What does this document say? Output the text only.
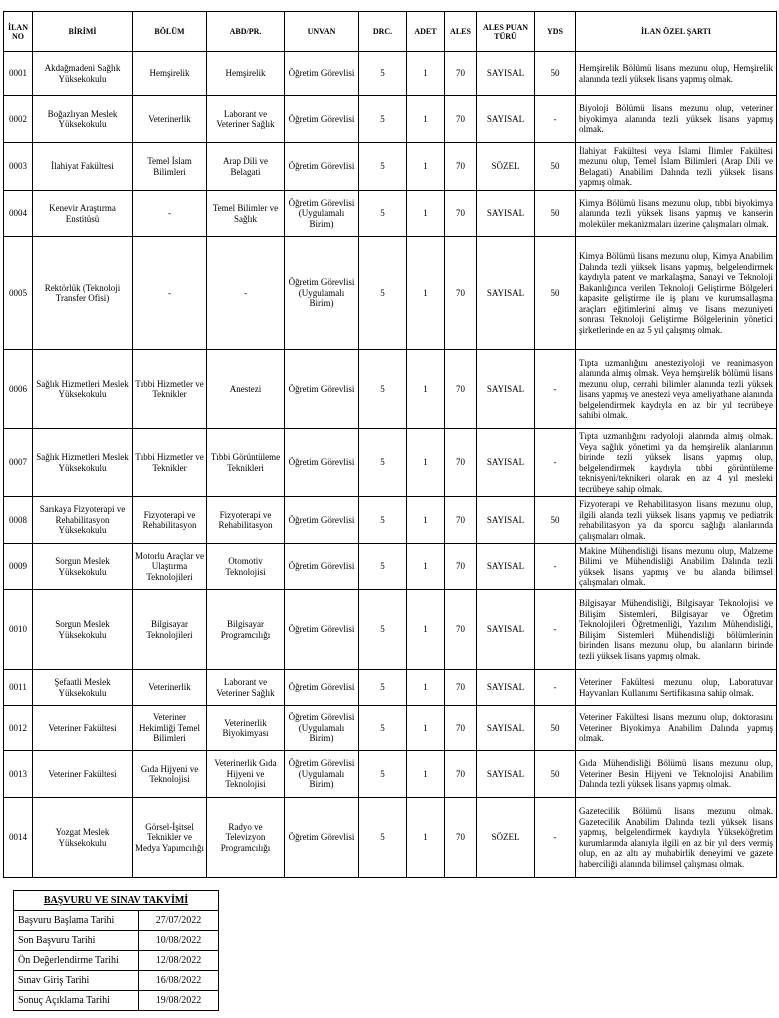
İLAN NO	BİRİMİ	BÖLÜM	ABD/PR.	UNVAN	DRC.	ADET	ALES	ALES PUAN TÜRÜ	YDS	İLAN ÖZEL ŞARTI
0001	Akdağmadeni Sağlık Yüksekokulu	Hemşirelik	Hemşirelik	Öğretim Görevlisi	5	1	70	SAYISAL	50	Hemşirelik Bölümü lisans mezunu olup, Hemşirelik alanında tezli yüksek lisans yapmış olmak.
0002	Boğazlıyan Meslek Yüksekokulu	Veterinerlik	Laborant ve Veteriner Sağlık	Öğretim Görevlisi	5	1	70	SAYISAL	-	Biyoloji Bölümü lisans mezunu olup, veteriner biyokimya alanında tezli yüksek lisans yapmış olmak.
0003	İlahiyat Fakültesi	Temel İslam Bilimleri	Arap Dili ve Belagati	Öğretim Görevlisi	5	1	70	SÖZEL	50	İlahiyat Fakültesi veya İslami İlimler Fakültesi mezunu olup, Temel İslam Bilimleri (Arap Dili ve Belagati) Anabilim Dalında tezli yüksek lisans yapmış olmak.
0004	Kenevir Araştırma Enstitüsü	-	Temel Bilimler ve Sağlık	Öğretim Görevlisi (Uygulamalı Birim)	5	1	70	SAYISAL	50	Kimya Bölümü lisans mezunu olup, tıbbi biyokimya alanında tezli yüksek lisans yapmış ve kanserin moleküler mekanizmaları üzerine çalışmaları olmak.
0005	Rektörlük (Teknoloji Transfer Ofisi)	-	-	Öğretim Görevlisi (Uygulamalı Birim)	5	1	70	SAYISAL	50	Kimya Bölümü lisans mezunu olup, Kimya Anabilim Dalında tezli yüksek lisans yapmış, belgelendirmek kaydıyla patent ve markalaşma, Sanayi ve Teknoloji Bakanlığınca verilen Teknoloji Geliştirme Bölgeleri kapasite geliştirme ile iş planı ve kurumsallaşma araçları eğitimlerini almış ve lisans mezuniyeti sonrası Teknoloji Geliştirme Bölgelerinin yönetici şirketlerinde en az 5 yıl çalışmış olmak.
0006	Sağlık Hizmetleri Meslek Yüksekokulu	Tıbbi Hizmetler ve Teknikler	Anestezi	Öğretim Görevlisi	5	1	70	SAYISAL	-	Tıpta uzmanlığını anesteziyoloji ve reanimasyon alanında almış olmak. Veya hemşirelik bölümü lisans mezunu olup, cerrahi bilimler alanında tezli yüksek lisans yapmış ve anestezi veya ameliyathane alanında belgelendirmek kaydıyla en az bir yıl tecrübeye sahibi olmak.
0007	Sağlık Hizmetleri Meslek Yüksekokulu	Tıbbi Hizmetler ve Teknikler	Tıbbi Görüntüleme Teknikleri	Öğretim Görevlisi	5	1	70	SAYISAL	-	Tıpta uzmanlığını radyoloji alanında almış olmak. Veya sağlık yönetimi ya da hemşirelik alanlarının birinde tezli yüksek lisans yapmış olup, belgelendirmek kaydıyla tıbbi görüntüleme teknisyeni/teknikeri olarak en az 4 yıl mesleki tecrübeye sahip olmak.
0008	Sarıkaya Fizyoterapi ve Rehabilitasyon Yüksekokulu	Fizyoterapi ve Rehabilitasyon	Fizyoterapi ve Rehabilitasyon	Öğretim Görevlisi	5	1	70	SAYISAL	50	Fizyoterapi ve Rehabilitasyon lisans mezunu olup, ilgili alanda tezli yüksek lisans yapmış ve pediatrik rehabilitasyon ya da sporcu sağlığı alanlarında çalışmaları olmak.
0009	Sorgun Meslek Yüksekokulu	Motorlu Araçlar ve Ulaştırma Teknolojileri	Otomotiv Teknolojisi	Öğretim Görevlisi	5	1	70	SAYISAL	-	Makine Mühendisliği lisans mezunu olup, Malzeme Bilimi ve Mühendisliği Anabilim Dalında tezli yüksek lisans yapmış ve bu alanda bilimsel çalışmaları olmak.
0010	Sorgun Meslek Yüksekokulu	Bilgisayar Teknolojileri	Bilgisayar Programcılığı	Öğretim Görevlisi	5	1	70	SAYISAL	-	Bilgisayar Mühendisliği, Bilgisayar Teknolojisi ve Bilişim Sistemleri, Bilgisayar ve Öğretim Teknolojileri Öğretmenliği, Yazılım Mühendisliği, Bilişim Sistemleri Mühendisliği bölümlerinin birinden lisans mezunu olup, bu alanların birinde tezli yüksek lisans yapmış olmak.
0011	Şefaatli Meslek Yüksekokulu	Veterinerlik	Laborant ve Veteriner Sağlık	Öğretim Görevlisi	5	1	70	SAYISAL	-	Veteriner Fakültesi mezunu olup, Laboratuvar Hayvanları Kullanımı Sertifikasına sahip olmak.
0012	Veteriner Fakültesi	Veteriner Hekimliği Temel Bilimleri	Veterinerlik Biyokimyası	Öğretim Görevlisi (Uygulamalı Birim)	5	1	70	SAYISAL	50	Veteriner Fakültesi lisans mezunu olup, doktorasını Veteriner Biyokimya Anabilim Dalında yapmış olmak.
0013	Veteriner Fakültesi	Gıda Hijyeni ve Teknolojisi	Veterinerlik Gıda Hijyeni ve Teknolojisi	Öğretim Görevlisi (Uygulamalı Birim)	5	1	70	SAYISAL	50	Gıda Mühendisliği Bölümü lisans mezunu olup, Veteriner Besin Hijyeni ve Teknolojisi Anabilim Dalında tezli yüksek lisans yapmış olmak.
0014	Yozgat Meslek Yüksekokulu	Görsel-İşitsel Teknikler ve Medya Yapımcılığı	Radyo ve Televizyon Programcılığı	Öğretim Görevlisi	5	1	70	SÖZEL	-	Gazetecilik Bölümü lisans mezunu olmak. Gazetecilik Anabilim Dalında tezli yüksek lisans yapmış, belgelendirmek kaydıyla Yükseköğretim kurumlarında alanıyla ilgili en az bir yıl ders vermiş olup, en az altı ay muhabirlik deneyimi ve gazete haberciliği alanında bilimsel çalışması olmak.
BAŞVURU VE SINAV TAKVİMİ	
Başvuru Başlama Tarihi	27/07/2022
Son Başvuru Tarihi	10/08/2022
Ön Değerlendirme Tarihi	12/08/2022
Sınav Giriş Tarihi	16/08/2022
Sonuç Açıklama Tarihi	19/08/2022
